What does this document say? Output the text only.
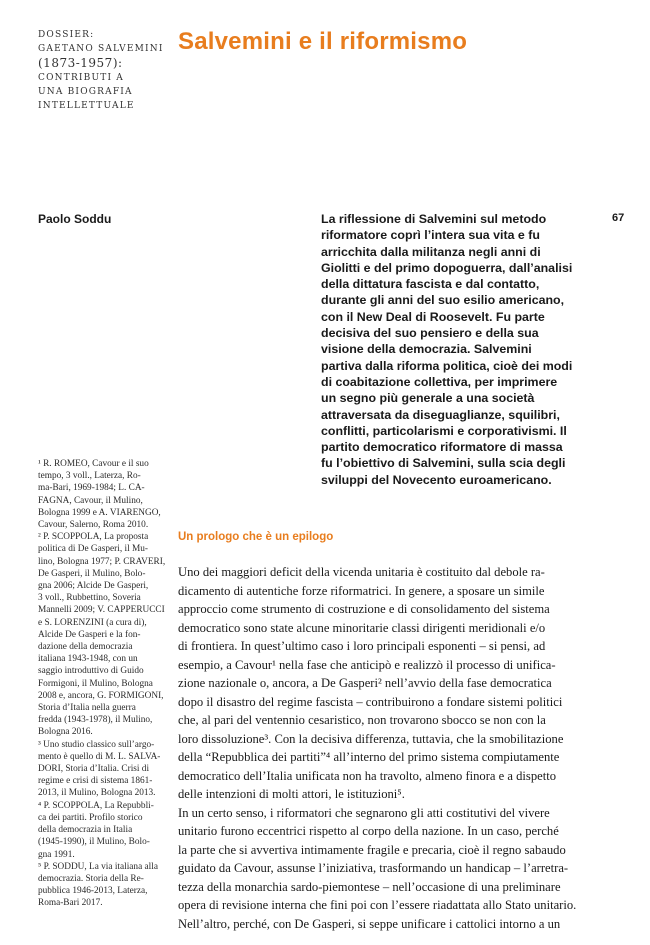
DOSSIER:
GAETANO SALVEMINI
(1873-1957):
CONTRIBUTI A
UNA BIOGRAFIA
INTELLETTUALE
Salvemini e il riformismo
Paolo Soddu	67
La riflessione di Salvemini sul metodo
riformatore coprì l’intera sua vita e fu
arricchita dalla militanza negli anni di
Giolitti e del primo dopoguerra, dall’analisi
della dittatura fascista e dal contatto,
durante gli anni del suo esilio americano,
con il New Deal di Roosevelt. Fu parte
decisiva del suo pensiero e della sua
visione della democrazia. Salvemini
partiva dalla riforma politica, cioè dei modi
di coabitazione collettiva, per imprimere
un segno più generale a una società
attraversata da diseguaglianze, squilibri,
conflitti, particolarismi e corporativismi. Il
partito democratico riformatore di massa
fu l’obiettivo di Salvemini, sulla scia degli
sviluppi del Novecento euroamericano.
¹ R. ROMEO, Cavour e il suo
tempo, 3 voll., Laterza, Ro-
ma-Bari, 1969-1984; L. CA-
FAGNA, Cavour, il Mulino,
Bologna 1999 e A. VIARENGO,
Cavour, Salerno, Roma 2010.
² P. SCOPPOLA, La proposta
politica di De Gasperi, il Mu-
lino, Bologna 1977; P. CRAVERI,
De Gasperi, il Mulino, Bolo-
gna 2006; Alcide De Gasperi,
3 voll., Rubbettino, Soveria
Mannelli 2009; V. CAPPERUCCI
e S. LORENZINI (a cura di),
Alcide De Gasperi e la fon-
dazione della democrazia
italiana 1943-1948, con un
saggio introduttivo di Guido
Formigoni, il Mulino, Bologna
2008 e, ancora, G. FORMIGONI,
Storia d’Italia nella guerra
fredda (1943-1978), il Mulino,
Bologna 2016.
³ Uno studio classico sull’argo-
mento è quello di M. L. SALVA-
DORI, Storia d’Italia. Crisi di
regime e crisi di sistema 1861-
2013, il Mulino, Bologna 2013.
⁴ P. SCOPPOLA, La Repubbli-
ca dei partiti. Profilo storico
della democrazia in Italia
(1945-1990), il Mulino, Bolo-
gna 1991.
⁵ P. SODDU, La via italiana alla
democrazia. Storia della Re-
pubblica 1946-2013, Laterza,
Roma-Bari 2017.
Un prologo che è un epilogo
Uno dei maggiori deficit della vicenda unitaria è costituito dal debole ra-
dicamento di autentiche forze riformatrici. In genere, a sposare un simile
approccio come strumento di costruzione e di consolidamento del sistema
democratico sono state alcune minoritarie classi dirigenti meridionali e/o
di frontiera. In quest’ultimo caso i loro principali esponenti – si pensi, ad
esempio, a Cavour¹ nella fase che anticipò e realizzò il processo di unifica-
zione nazionale o, ancora, a De Gasperi² nell’avvio della fase democratica
dopo il disastro del regime fascista – contribuirono a fondare sistemi politici
che, al pari del ventennio cesaristico, non trovarono sbocco se non con la
loro dissoluzione³. Con la decisiva differenza, tuttavia, che la smobilitazione
della “Repubblica dei partiti”⁴ all’interno del primo sistema compiutamente
democratico dell’Italia unificata non ha travolto, almeno finora e a dispetto
delle intenzioni di molti attori, le istituzioni⁵.
In un certo senso, i riformatori che segnarono gli atti costitutivi del vivere
unitario furono eccentrici rispetto al corpo della nazione. In un caso, perché
la parte che si avvertiva intimamente fragile e precaria, cioè il regno sabaudo
guidato da Cavour, assunse l’iniziativa, trasformando un handicap – l’arretra-
tezza della monarchia sardo-piemontese – nell’occasione di una preliminare
opera di revisione interna che fini poi con l’essere riadattata allo Stato unitario.
Nell’altro, perché, con De Gasperi, si seppe unificare i cattolici intorno a un
